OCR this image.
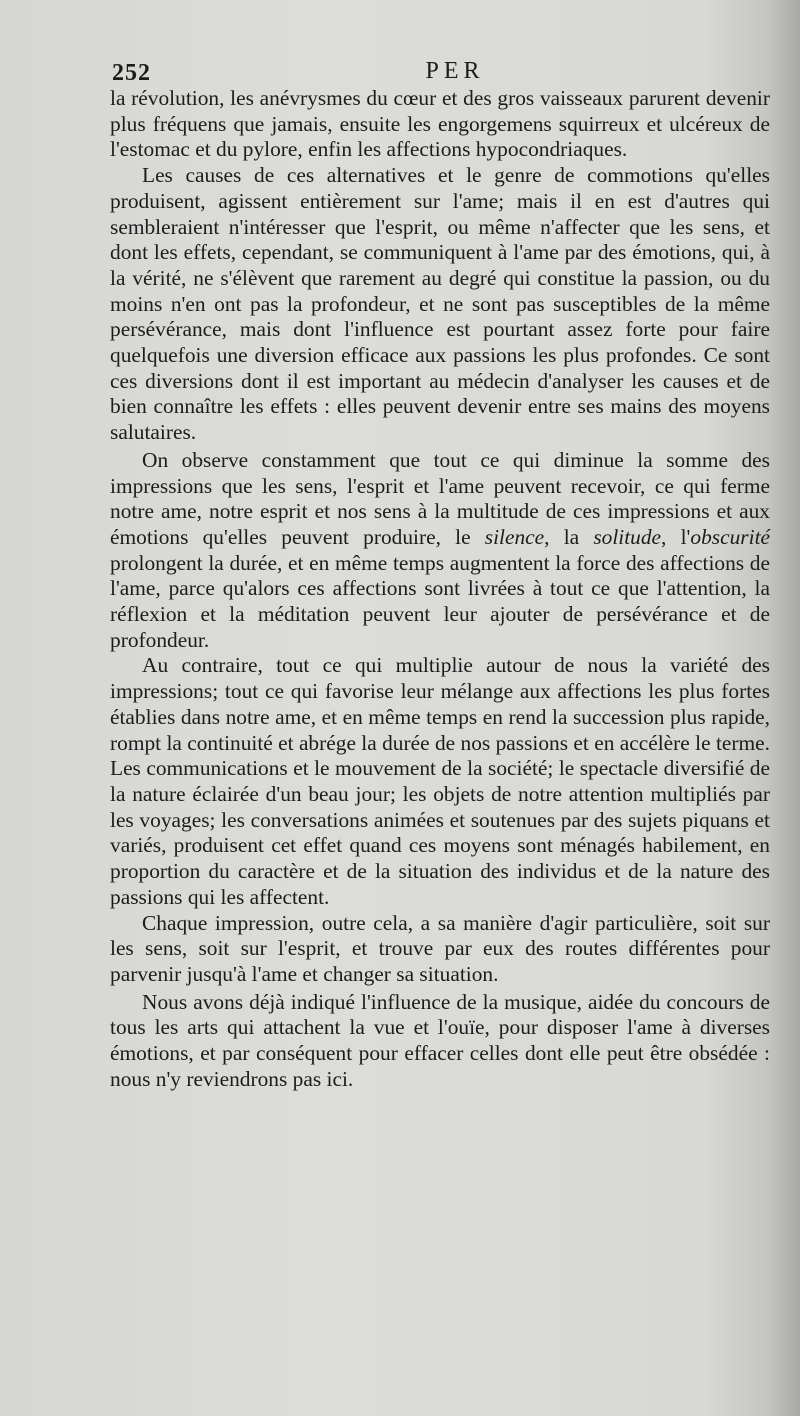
252	PER

la révolution, les anévrysmes du cœur et des gros vaisseaux parurent devenir plus fréquens que jamais, ensuite les engorgemens squirreux et ulcéreux de l'estomac et du pylore, enfin les affections hypocondriaques.

Les causes de ces alternatives et le genre de commotions qu'elles produisent, agissent entièrement sur l'ame; mais il en est d'autres qui sembleraient n'intéresser que l'esprit, ou même n'affecter que les sens, et dont les effets, cependant, se communiquent à l'ame par des émotions, qui, à la vérité, ne s'élèvent que rarement au degré qui constitue la passion, ou du moins n'en ont pas la profondeur, et ne sont pas susceptibles de la même persévérance, mais dont l'influence est pourtant assez forte pour faire quelquefois une diversion efficace aux passions les plus profondes. Ce sont ces diversions dont il est important au médecin d'analyser les causes et de bien connaître les effets : elles peuvent devenir entre ses mains des moyens salutaires.

On observe constamment que tout ce qui diminue la somme des impressions que les sens, l'esprit et l'ame peuvent recevoir, ce qui ferme notre ame, notre esprit et nos sens à la multitude de ces impressions et aux émotions qu'elles peuvent produire, le silence, la solitude, l'obscurité prolongent la durée, et en même temps augmentent la force des affections de l'ame, parce qu'alors ces affections sont livrées à tout ce que l'attention, la réflexion et la méditation peuvent leur ajouter de persévérance et de profondeur.

Au contraire, tout ce qui multiplie autour de nous la variété des impressions; tout ce qui favorise leur mélange aux affections les plus fortes établies dans notre ame, et en même temps en rend la succession plus rapide, rompt la continuité et abrége la durée de nos passions et en accélère le terme. Les communications et le mouvement de la société; le spectacle diversifié de la nature éclairée d'un beau jour; les objets de notre attention multipliés par les voyages; les conversations animées et soutenues par des sujets piquans et variés, produisent cet effet quand ces moyens sont ménagés habilement, en proportion du caractère et de la situation des individus et de la nature des passions qui les affectent.

Chaque impression, outre cela, a sa manière d'agir particulière, soit sur les sens, soit sur l'esprit, et trouve par eux des routes différentes pour parvenir jusqu'à l'ame et changer sa situation.

Nous avons déjà indiqué l'influence de la musique, aidée du concours de tous les arts qui attachent la vue et l'ouïe, pour disposer l'ame à diverses émotions, et par conséquent pour effacer celles dont elle peut être obsédée : nous n'y reviendrons pas ici.
